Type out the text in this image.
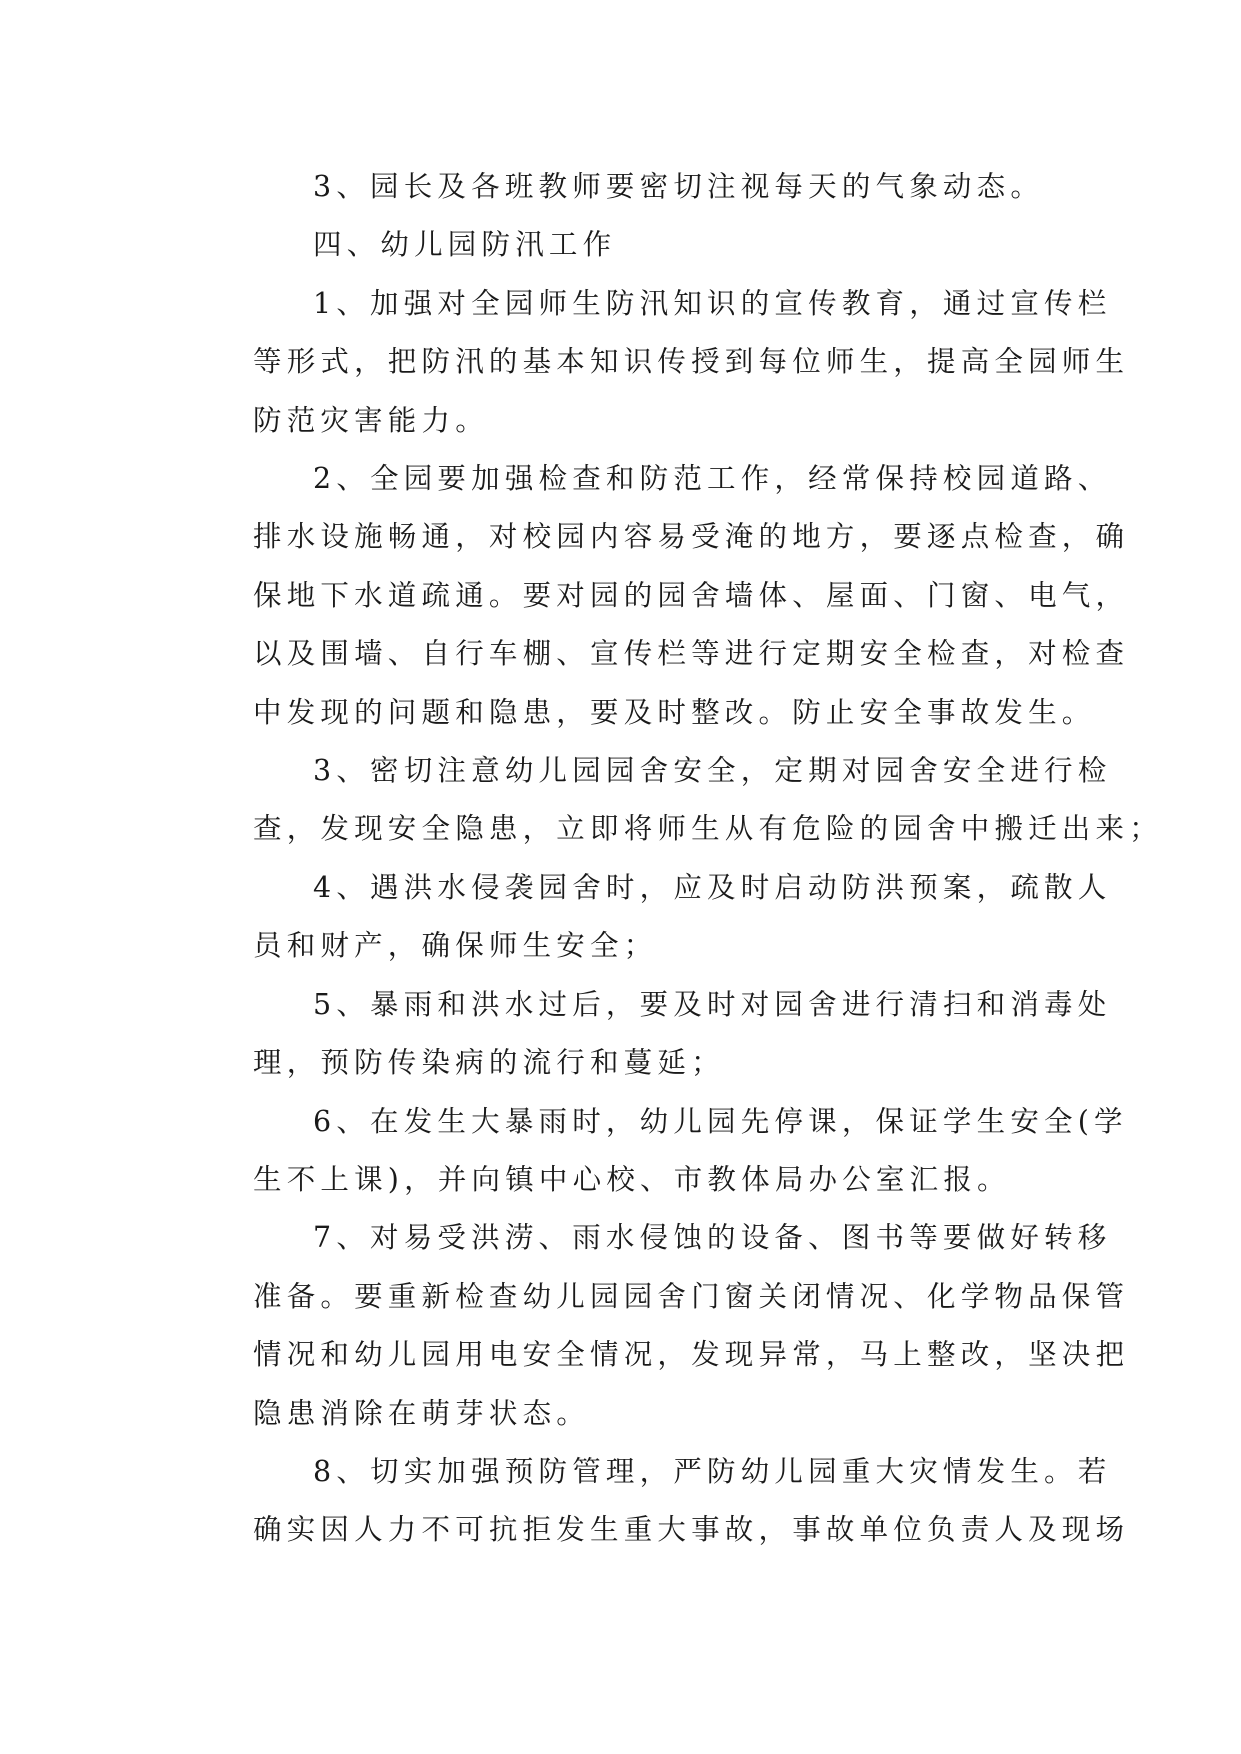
3、园长及各班教师要密切注视每天的气象动态。

四、幼儿园防汛工作

1、加强对全园师生防汛知识的宣传教育，通过宣传栏
等形式，把防汛的基本知识传授到每位师生，提高全园师生
防范灾害能力。

2、全园要加强检查和防范工作，经常保持校园道路、
排水设施畅通，对校园内容易受淹的地方，要逐点检查，确
保地下水道疏通。要对园的园舍墙体、屋面、门窗、电气，
以及围墙、自行车棚、宣传栏等进行定期安全检查，对检查
中发现的问题和隐患，要及时整改。防止安全事故发生。

3、密切注意幼儿园园舍安全，定期对园舍安全进行检
查，发现安全隐患，立即将师生从有危险的园舍中搬迁出来；

4、遇洪水侵袭园舍时，应及时启动防洪预案，疏散人
员和财产，确保师生安全；

5、暴雨和洪水过后，要及时对园舍进行清扫和消毒处
理，预防传染病的流行和蔓延；

6、在发生大暴雨时，幼儿园先停课，保证学生安全(学
生不上课)，并向镇中心校、市教体局办公室汇报。

7、对易受洪涝、雨水侵蚀的设备、图书等要做好转移
准备。要重新检查幼儿园园舍门窗关闭情况、化学物品保管
情况和幼儿园用电安全情况，发现异常，马上整改，坚决把
隐患消除在萌芽状态。

8、切实加强预防管理，严防幼儿园重大灾情发生。若
确实因人力不可抗拒发生重大事故，事故单位负责人及现场
